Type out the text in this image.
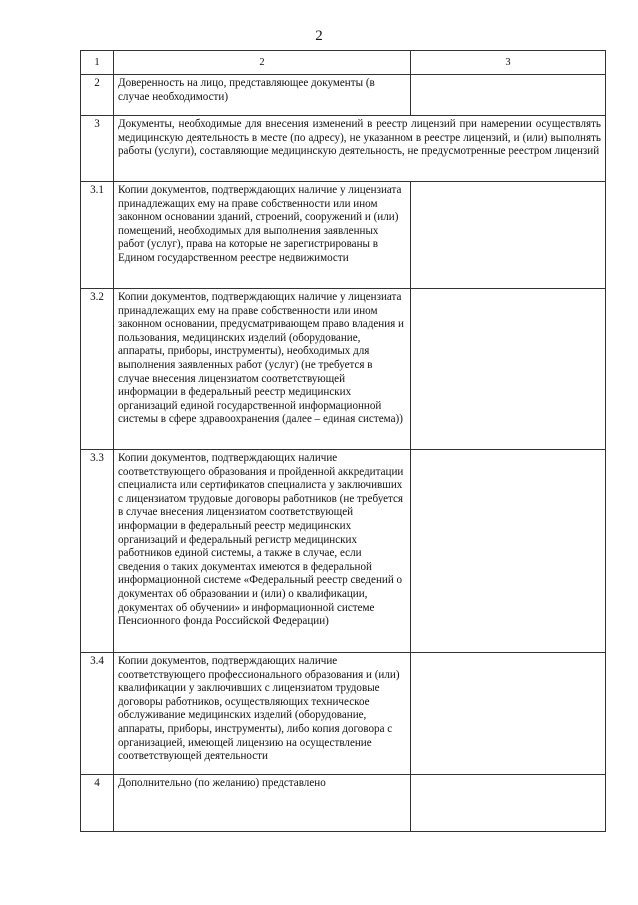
2
1	2	3
2	Доверенность на лицо, представляющее документы (в случае необходимости)	
3	Документы, необходимые для внесения изменений в реестр лицензий при намерении осуществлять медицинскую деятельность в месте (по адресу), не указанном в реестре лицензий, и (или) выполнять работы (услуги), составляющие медицинскую деятельность, не предусмотренные реестром лицензий	
3.1	Копии документов, подтверждающих наличие у лицензиата принадлежащих ему на праве собственности или ином законном основании зданий, строений, сооружений и (или) помещений, необходимых для выполнения заявленных работ (услуг), права на которые не зарегистрированы в Едином государственном реестре недвижимости	
3.2	Копии документов, подтверждающих наличие у лицензиата принадлежащих ему на праве собственности или ином законном основании, предусматривающем право владения и пользования, медицинских изделий (оборудование, аппараты, приборы, инструменты), необходимых для выполнения заявленных работ (услуг) (не требуется в случае внесения лицензиатом соответствующей информации в федеральный реестр медицинских организаций единой государственной информационной системы в сфере здравоохранения (далее – единая система))	
3.3	Копии документов, подтверждающих наличие соответствующего образования и пройденной аккредитации специалиста или сертификатов специалиста у заключивших с лицензиатом трудовые договоры работников (не требуется в случае внесения лицензиатом соответствующей информации в федеральный реестр медицинских организаций и федеральный регистр медицинских работников единой системы, а также в случае, если сведения о таких документах имеются в федеральной информационной системе «Федеральный реестр сведений о документах об образовании и (или) о квалификации, документах об обучении» и информационной системе Пенсионного фонда Российской Федерации)	
3.4	Копии документов, подтверждающих наличие соответствующего профессионального образования и (или) квалификации у заключивших с лицензиатом трудовые договоры работников, осуществляющих техническое обслуживание медицинских изделий (оборудование, аппараты, приборы, инструменты), либо копия договора с организацией, имеющей лицензию на осуществление соответствующей деятельности	
4	Дополнительно (по желанию) представлено	
